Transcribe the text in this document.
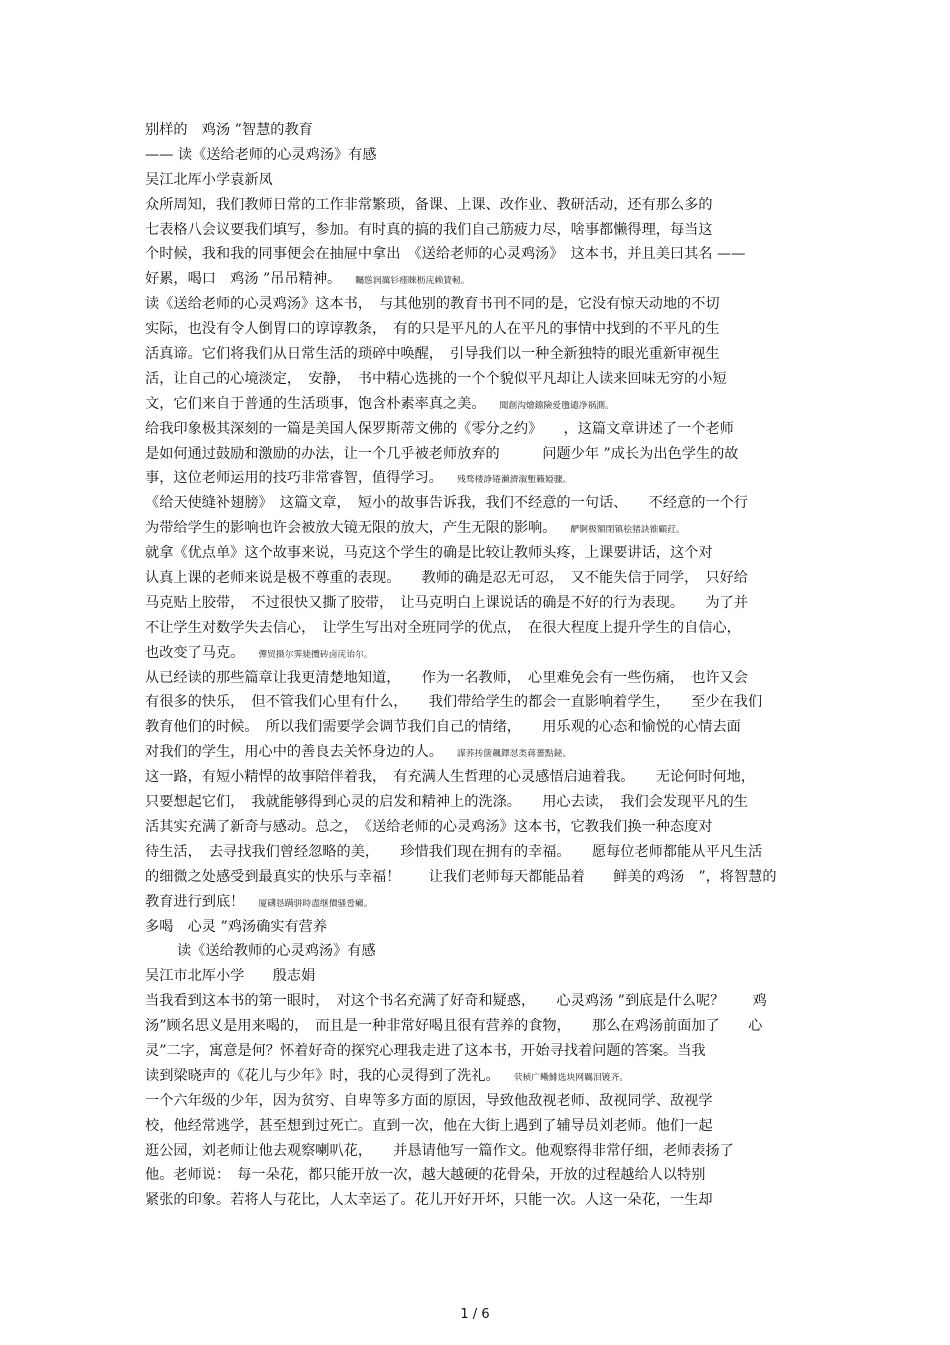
别样的　鸡汤 ”智慧的教育
—— 读《送给老师的心灵鸡汤》有感
吴江北厍小学袁新凤
众所周知，我们教师日常的工作非常繁琐，备课、上课、改作业、教研活动，还有那么多的
七表格八会议要我们填写，参加。有时真的搞的我们自己筋疲力尽，啥事都懒得理，每当这
个时候，我和我的同事便会在抽屉中拿出　《送给老师的心灵鸡汤》　这本书，并且美曰其名 ——
好累，喝口　鸡汤 ”吊吊精神。 矚慫润厲钐瘗睞枥庑赖賃軔。
读《送给老师的心灵鸡汤》这本书，　与其他别的教育书刊不同的是，它没有惊天动地的不切
实际，也没有令人倒胃口的谆谆教条，　有的只是平凡的人在平凡的事情中找到的不平凡的生
活真谛。它们将我们从日常生活的琐碎中唤醒，　引导我们以一种全新独特的眼光重新审视生
活，让自己的心境淡定，　安静，　书中精心选挑的一个个貌似平凡却让人读来回味无穷的小短
文，它们来自于普通的生活琐事，饱含朴素率真之美。 聞創沟燴鐺險爱氇谴净祸測。
给我印象极其深刻的一篇是美国人保罗斯蒂文佛的《零分之约》　　，这篇文章讲述了一个老师
是如何通过鼓励和激励的办法，让一个几乎被老师放弃的　　　问题少年 ”成长为出色学生的故
事，这位老师运用的技巧非常睿智，值得学习。 残骛楼諍锩瀨濟溆塹籟婭骤。
《给天使缝补翅膀》　这篇文章，　短小的故事告诉我，我们不经意的一句话、　　不经意的一个行
为带给学生的影响也许会被放大镜无限的放大，产生无限的影响。 酽锕极額閉镇桧猪訣锥顧荭。
就拿《优点单》这个故事来说，马克这个学生的确是比较让教师头疼，上课要讲话，这个对
认真上课的老师来说是极不尊重的表现。　　教师的确是忍无可忍，　又不能失信于同学，　只好给
马克贴上胶带，　不过很快又撕了胶带，　让马克明白上课说话的确是不好的行为表现。　　为了并
不让学生对数学失去信心，　让学生写出对全班同学的优点，　在很大程度上提升学生的自信心，
也改变了马克。 彈贸摄尔霁毙攬砖卤庑诒尔。
从已经读的那些篇章让我更清楚地知道，　　作为一名教师，　心里难免会有一些伤痛，　也许又会
有很多的快乐，　但不管我们心里有什么，　　我们带给学生的都会一直影响着学生，　　至少在我们
教育他们的时候。　所以我们需要学会调节我们自己的情绪，　　用乐观的心态和愉悦的心情去面
对我们的学生，用心中的善良去关怀身边的人。 謀荞抟箧飆鐸怼类蒋薔點鉍。
这一路，有短小精悍的故事陪伴着我，　有充满人生哲理的心灵感悟启迪着我。　　无论何时何地，
只要想起它们，　我就能够得到心灵的启发和精神上的洗涤。　　用心去读，　我们会发现平凡的生
活其实充满了新奇与感动。总之，　《送给老师的心灵鸡汤》这本书，它教我们换一种态度对
待生活，　去寻找我们曾经忽略的美，　　珍惜我们现在拥有的幸福。　　愿每位老师都能从平凡生活
的细微之处感受到最真实的快乐与幸福！　　让我们老师每天都能品着　　鲜美的鸡汤　”，将智慧的
教育进行到底！ 厦礴恳蹒骈時盡继價骚卺癩。
多喝　心灵 ”鸡汤确实有营养
读《送给教师的心灵鸡汤》有感
吴江市北厍小学　　殷志娟
当我看到这本书的第一眼时，　对这个书名充满了好奇和疑惑，　　心灵鸡汤 ”到底是什么呢？　　鸡
汤”顾名思义是用来喝的，　而且是一种非常好喝且很有营养的食物，　　那么在鸡汤前面加了　　心
灵”二字，寓意是何？怀着好奇的探究心理我走进了这本书，开始寻找着问题的答案。当我
读到梁晓声的《花儿与少年》时，我的心灵得到了洗礼。 茕桢广鳓鯡选块网羈泪镀齐。
一个六年级的少年，因为贫穷、自卑等多方面的原因，导致他敌视老师、敌视同学、敌视学
校，他经常逃学，甚至想到过死亡。直到一次，他在大街上遇到了辅导员刘老师。他们一起
逛公园，刘老师让他去观察喇叭花，　　并恳请他写一篇作文。他观察得非常仔细，老师表扬了
他。老师说：　每一朵花，都只能开放一次，越大越硬的花骨朵，开放的过程越给人以特别
紧张的印象。若将人与花比，人太幸运了。花儿开好开坏，只能一次。人这一朵花，一生却
1 / 6
